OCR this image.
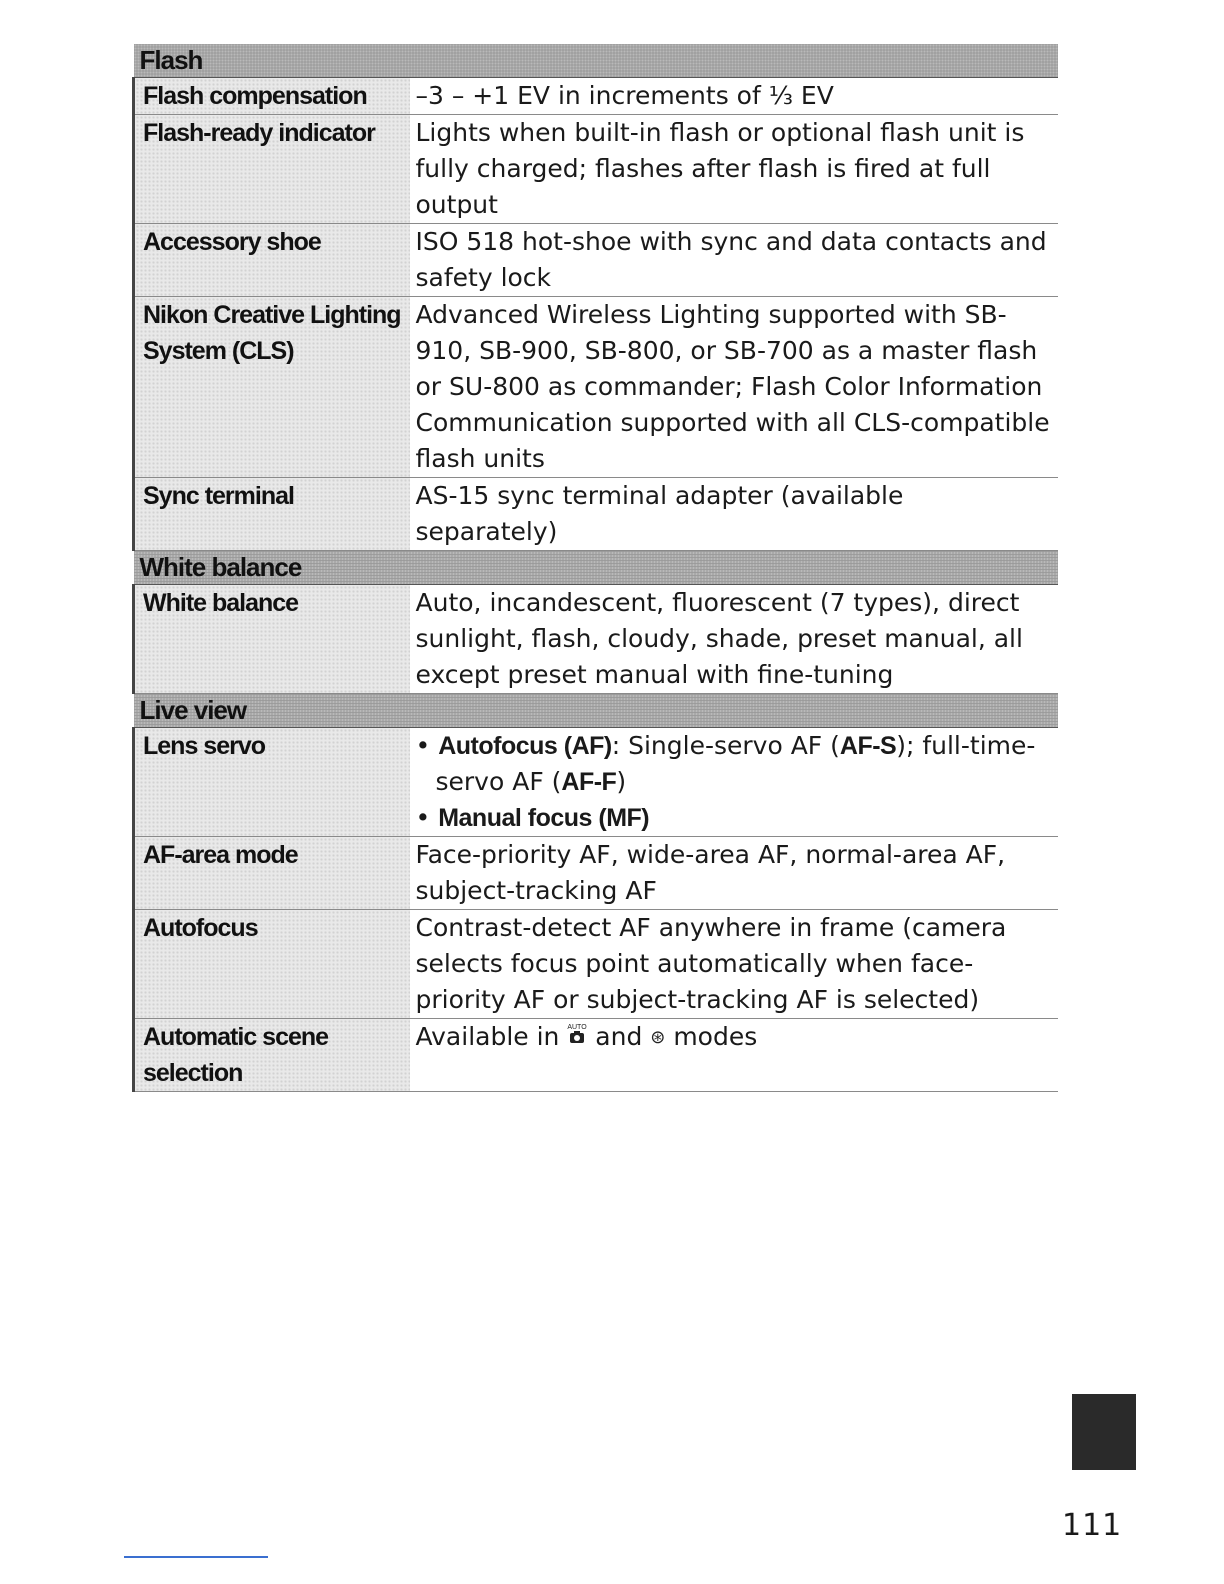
Flash	
Flash compensation	–3 – +1 EV in increments of ⅓ EV
Flash-ready indicator	Lights when built-in flash or optional flash unit is fully charged; flashes after flash is fired at full output
Accessory shoe	ISO 518 hot-shoe with sync and data contacts and safety lock
Nikon Creative Lighting System (CLS)	Advanced Wireless Lighting supported with SB-910, SB-900, SB-800, or SB-700 as a master flash or SU-800 as commander; Flash Color Information Communication supported with all CLS-compatible flash units
Sync terminal	AS-15 sync terminal adapter (available separately)
White balance	
White balance	Auto, incandescent, fluorescent (7 types), direct sunlight, flash, cloudy, shade, preset manual, all except preset manual with fine-tuning
Live view	
Lens servo	• Autofocus (AF): Single-servo AF (AF-S); full-time-servo AF (AF-F)
• Manual focus (MF)

AF-area mode	Face-priority AF, wide-area AF, normal-area AF, subject-tracking AF
Autofocus	Contrast-detect AF anywhere in frame (camera selects focus point automatically when face-priority AF or subject-tracking AF is selected)
Automatic scene selection	Available in AUTO and ⊛ modes
111
